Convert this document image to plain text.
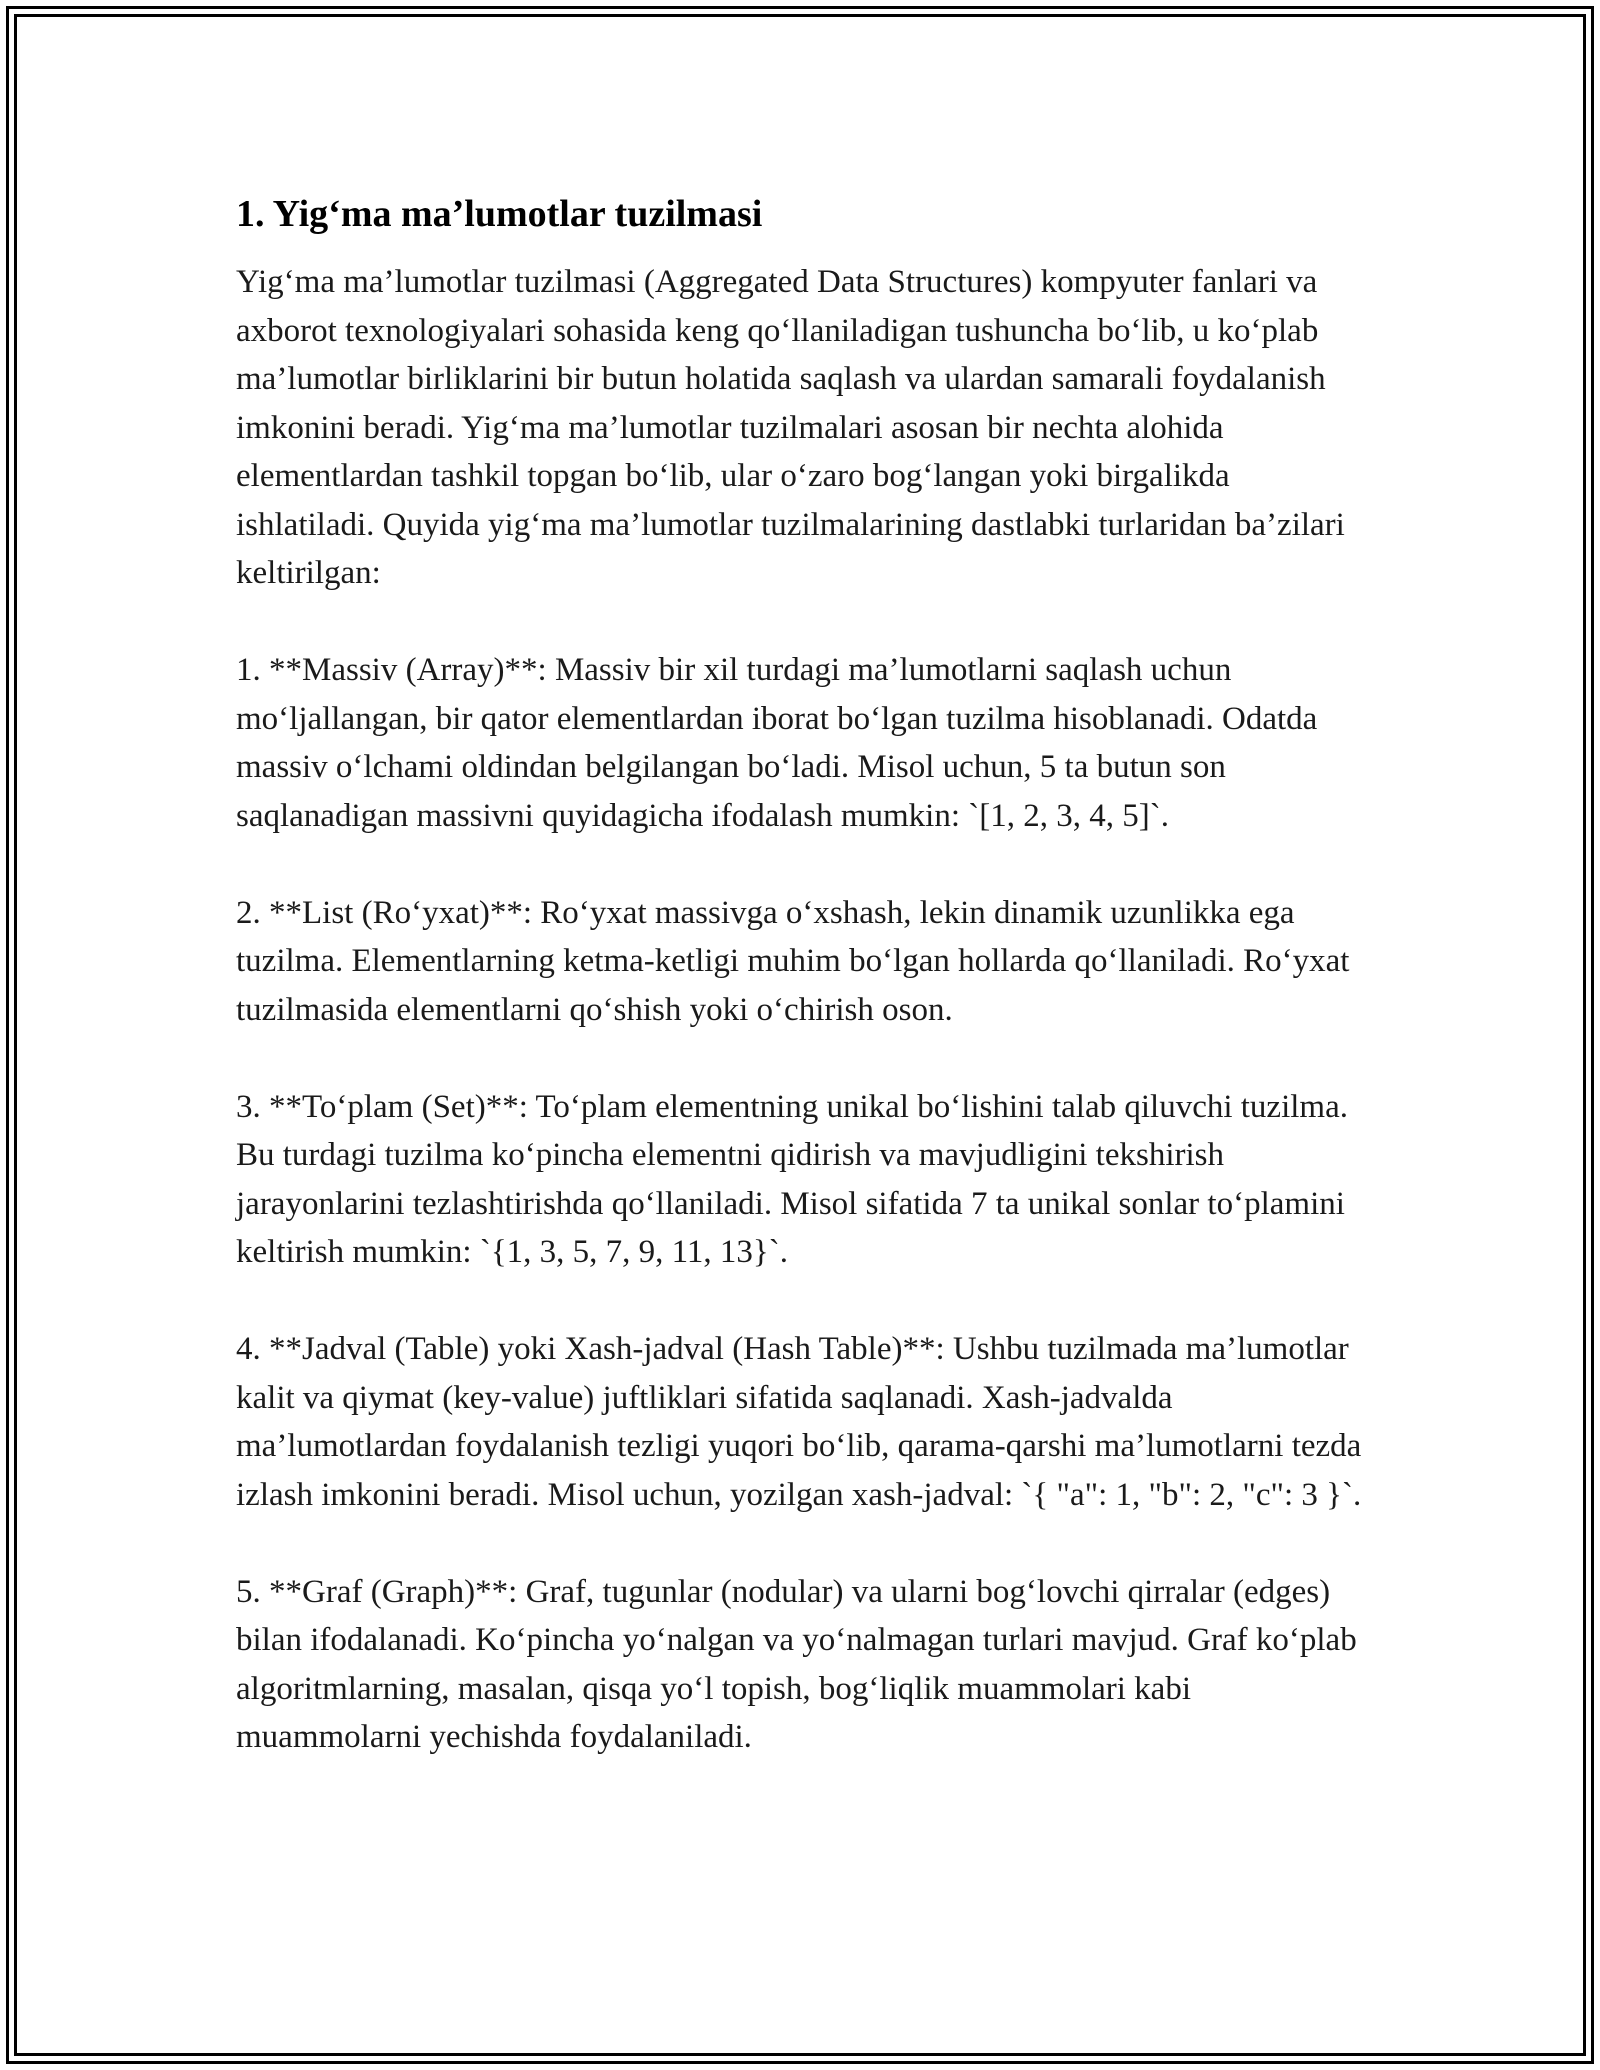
1. Yig‘ma ma’lumotlar tuzilmasi

Yig‘ma ma’lumotlar tuzilmasi (Aggregated Data Structures) kompyuter fanlari va axborot texnologiyalari sohasida keng qo‘llaniladigan tushuncha bo‘lib, u ko‘plab ma’lumotlar birliklarini bir butun holatida saqlash va ulardan samarali foydalanish imkonini beradi. Yig‘ma ma’lumotlar tuzilmalari asosan bir nechta alohida elementlardan tashkil topgan bo‘lib, ular o‘zaro bog‘langan yoki birgalikda ishlatiladi. Quyida yig‘ma ma’lumotlar tuzilmalarining dastlabki turlaridan ba’zilari keltirilgan:

1. **Massiv (Array)**: Massiv bir xil turdagi ma’lumotlarni saqlash uchun mo‘ljallangan, bir qator elementlardan iborat bo‘lgan tuzilma hisoblanadi. Odatda massiv o‘lchami oldindan belgilangan bo‘ladi. Misol uchun, 5 ta butun son saqlanadigan massivni quyidagicha ifodalash mumkin: `[1, 2, 3, 4, 5]`.

2. **List (Ro‘yxat)**: Ro‘yxat massivga o‘xshash, lekin dinamik uzunlikka ega tuzilma. Elementlarning ketma-ketligi muhim bo‘lgan hollarda qo‘llaniladi. Ro‘yxat tuzilmasida elementlarni qo‘shish yoki o‘chirish oson.

3. **To‘plam (Set)**: To‘plam elementning unikal bo‘lishini talab qiluvchi tuzilma. Bu turdagi tuzilma ko‘pincha elementni qidirish va mavjudligini tekshirish jarayonlarini tezlashtirishda qo‘llaniladi. Misol sifatida 7 ta unikal sonlar to‘plamini keltirish mumkin: `{1, 3, 5, 7, 9, 11, 13}`.

4. **Jadval (Table) yoki Xash-jadval (Hash Table)**: Ushbu tuzilmada ma’lumotlar kalit va qiymat (key-value) juftliklari sifatida saqlanadi. Xash-jadvalda ma’lumotlardan foydalanish tezligi yuqori bo‘lib, qarama-qarshi ma’lumotlarni tezda izlash imkonini beradi. Misol uchun, yozilgan xash-jadval: `{ "a": 1, "b": 2, "c": 3 }`.

5. **Graf (Graph)**: Graf, tugunlar (nodular) va ularni bog‘lovchi qirralar (edges) bilan ifodalanadi. Ko‘pincha yo‘nalgan va yo‘nalmagan turlari mavjud. Graf ko‘plab algoritmlarning, masalan, qisqa yo‘l topish, bog‘liqlik muammolari kabi muammolarni yechishda foydalaniladi.
